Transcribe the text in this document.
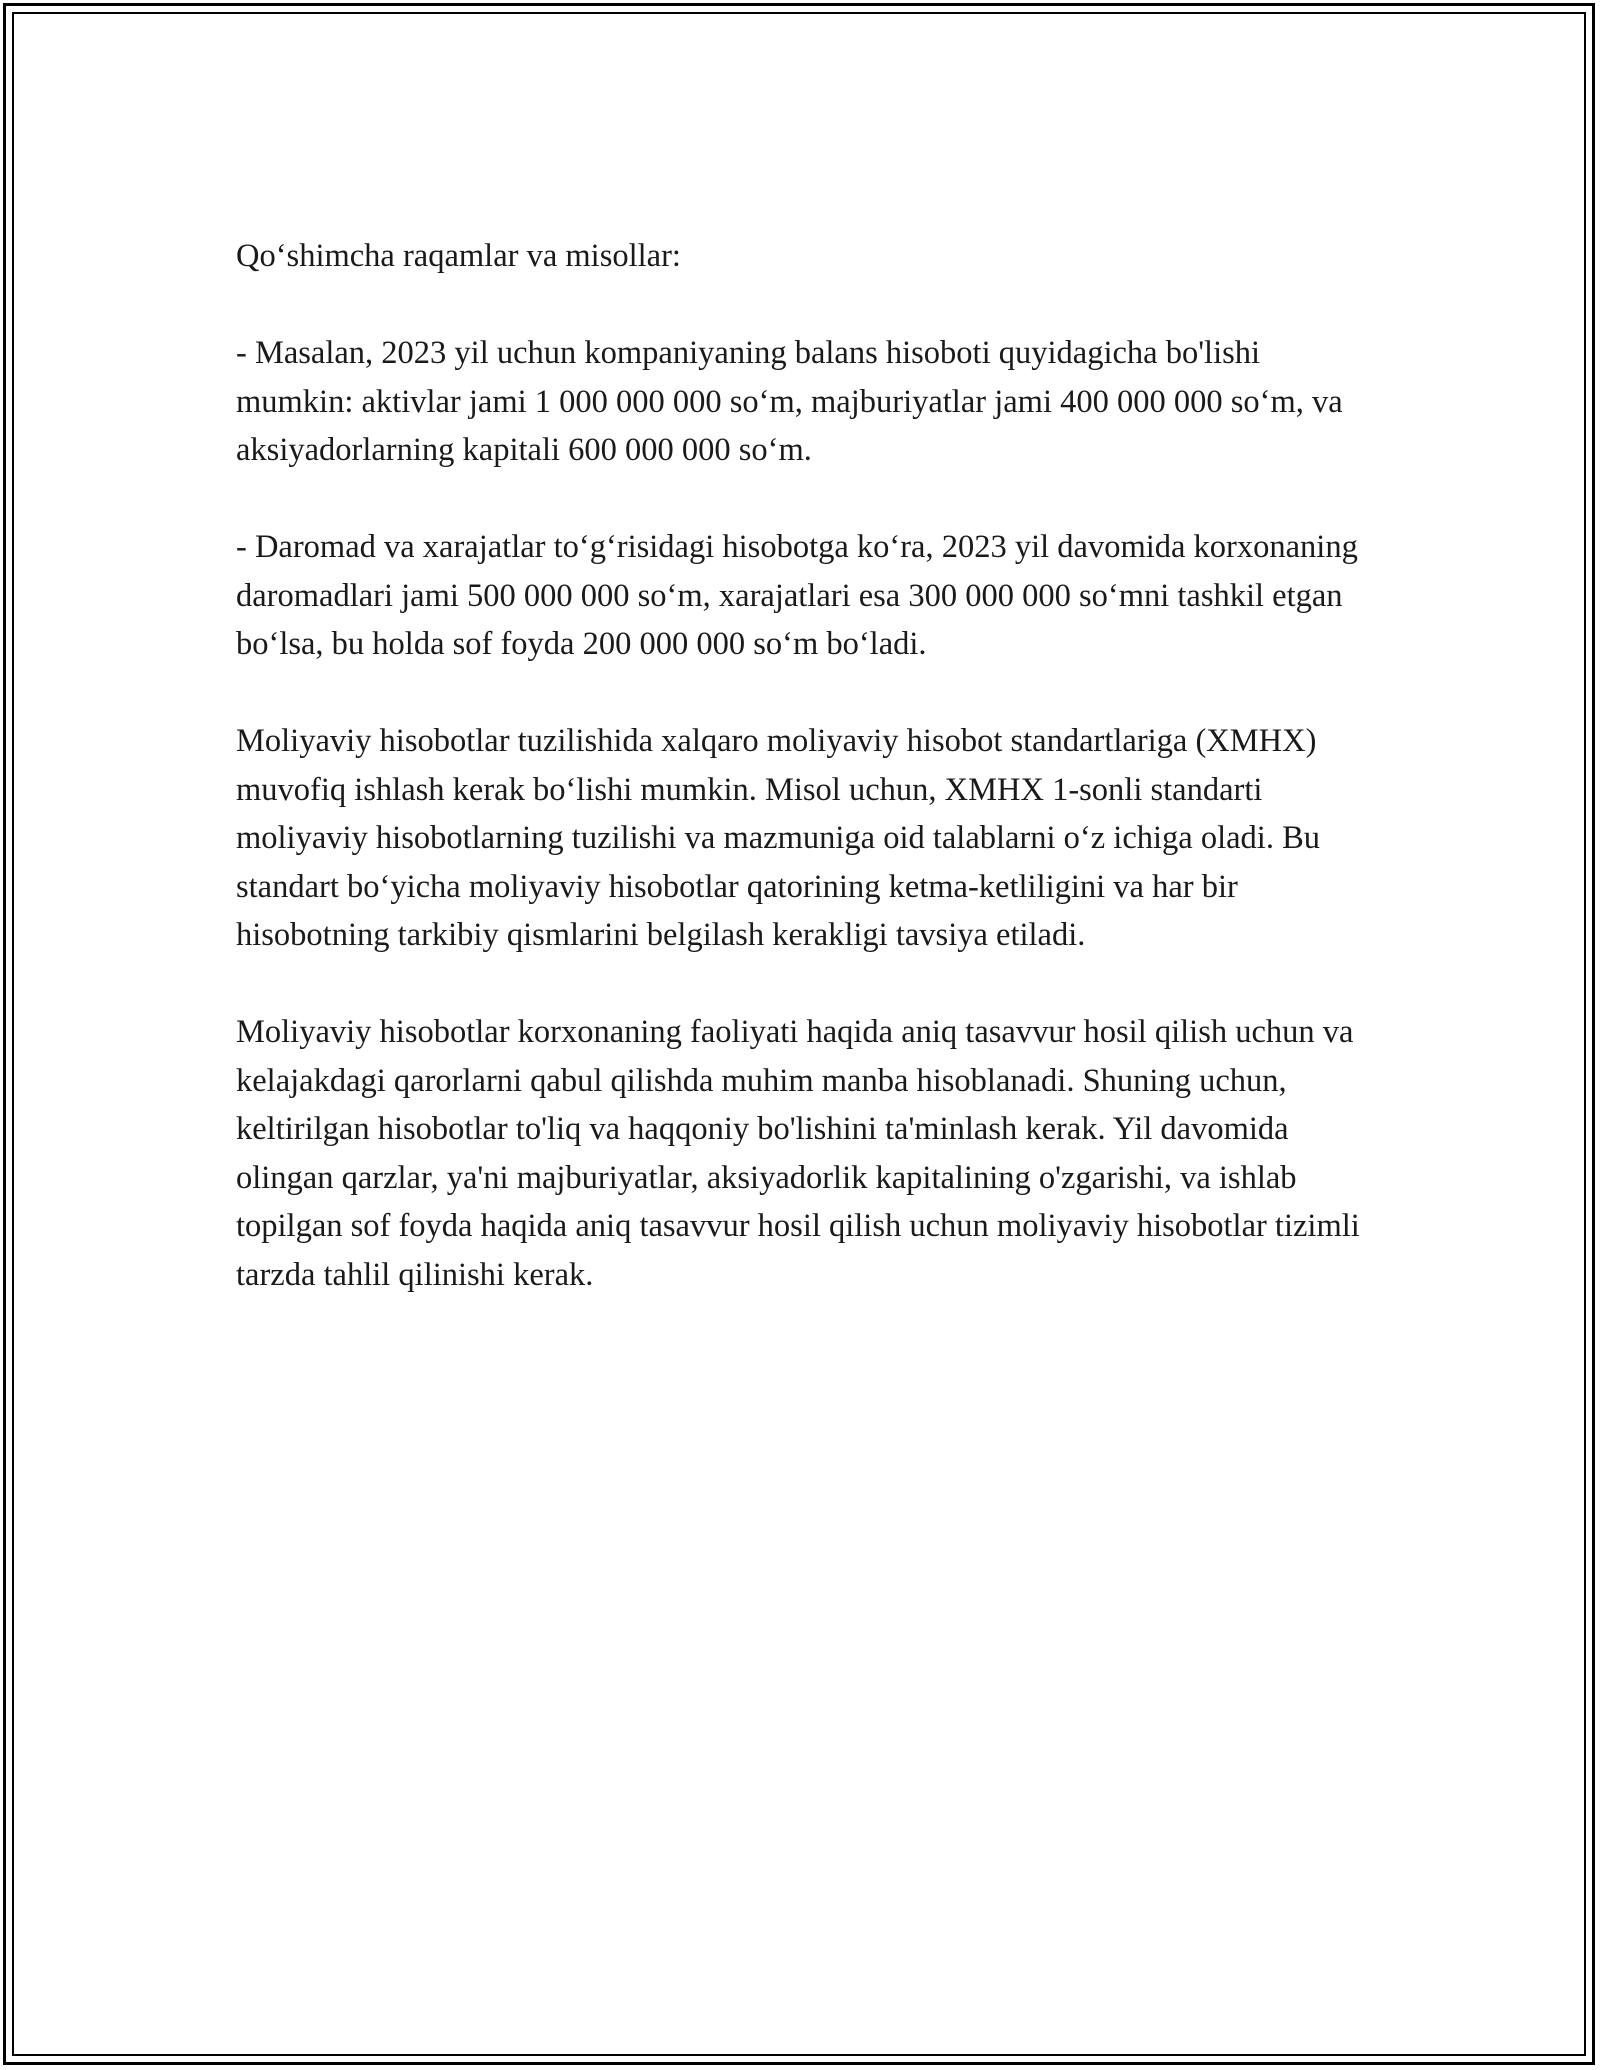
Qo‘shimcha raqamlar va misollar:

- Masalan, 2023 yil uchun kompaniyaning balans hisoboti quyidagicha bo'lishi mumkin: aktivlar jami 1 000 000 000 so‘m, majburiyatlar jami 400 000 000 so‘m, va aksiyadorlarning kapitali 600 000 000 so‘m.

- Daromad va xarajatlar to‘g‘risidagi hisobotga ko‘ra, 2023 yil davomida korxonaning daromadlari jami 500 000 000 so‘m, xarajatlari esa 300 000 000 so‘mni tashkil etgan bo‘lsa, bu holda sof foyda 200 000 000 so‘m bo‘ladi.

Moliyaviy hisobotlar tuzilishida xalqaro moliyaviy hisobot standartlariga (XMHX) muvofiq ishlash kerak bo‘lishi mumkin. Misol uchun, XMHX 1-sonli standarti moliyaviy hisobotlarning tuzilishi va mazmuniga oid talablarni o‘z ichiga oladi. Bu standart bo‘yicha moliyaviy hisobotlar qatorining ketma-ketliligini va har bir hisobotning tarkibiy qismlarini belgilash kerakligi tavsiya etiladi.

Moliyaviy hisobotlar korxonaning faoliyati haqida aniq tasavvur hosil qilish uchun va kelajakdagi qarorlarni qabul qilishda muhim manba hisoblanadi. Shuning uchun, keltirilgan hisobotlar to'liq va haqqoniy bo'lishini ta'minlash kerak. Yil davomida olingan qarzlar, ya'ni majburiyatlar, aksiyadorlik kapitalining o'zgarishi, va ishlab topilgan sof foyda haqida aniq tasavvur hosil qilish uchun moliyaviy hisobotlar tizimli tarzda tahlil qilinishi kerak.
